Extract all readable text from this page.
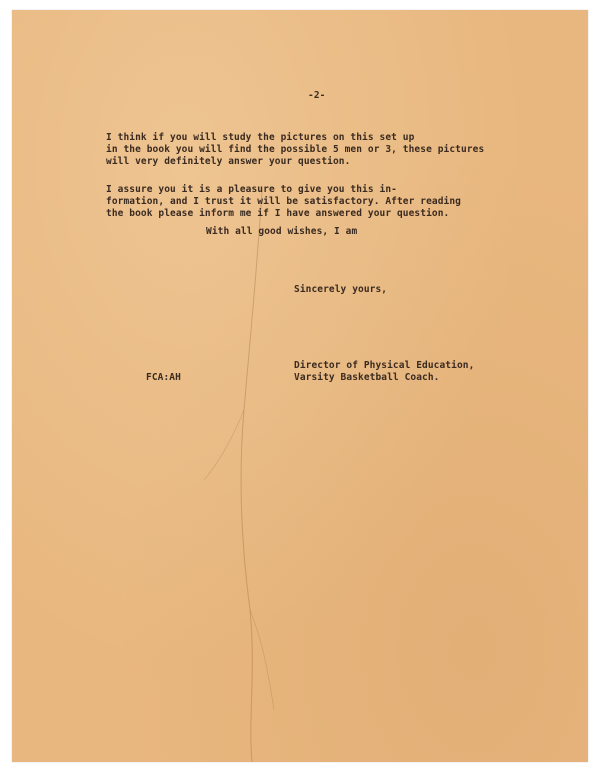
-2-
I think if you will study the pictures on this set up
in the book you will find the possible 5 men or 3, these pictures
will very definitely answer your question.
I assure you it is a pleasure to give you this in-
formation, and I trust it will be satisfactory. After reading
the book please inform me if I have answered your question.
With all good wishes, I am
Sincerely yours,
Director of Physical Education,
Varsity Basketball Coach.
FCA:AH
